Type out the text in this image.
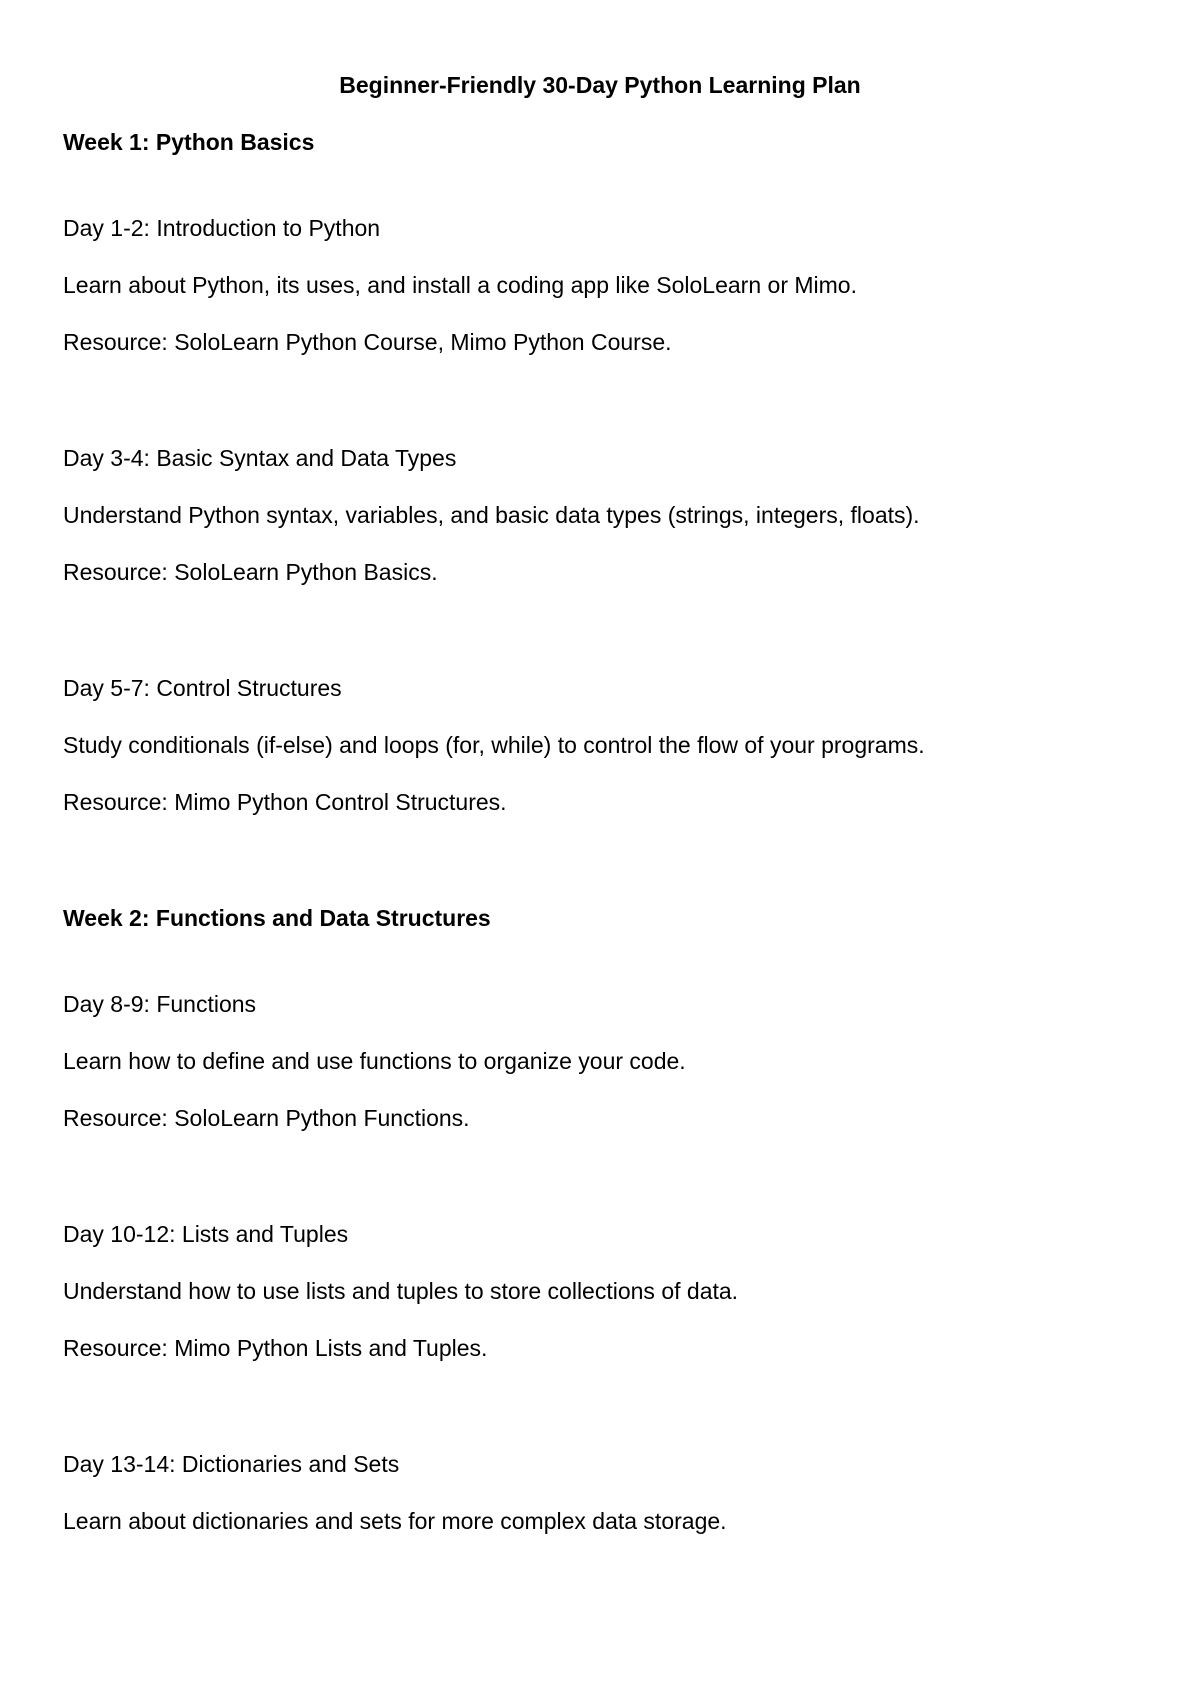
Beginner-Friendly 30-Day Python Learning Plan

Week 1: Python Basics

Day 1-2: Introduction to Python

Learn about Python, its uses, and install a coding app like SoloLearn or Mimo.

Resource: SoloLearn Python Course, Mimo Python Course.

Day 3-4: Basic Syntax and Data Types

Understand Python syntax, variables, and basic data types (strings, integers, floats).

Resource: SoloLearn Python Basics.

Day 5-7: Control Structures

Study conditionals (if-else) and loops (for, while) to control the flow of your programs.

Resource: Mimo Python Control Structures.

Week 2: Functions and Data Structures

Day 8-9: Functions

Learn how to define and use functions to organize your code.

Resource: SoloLearn Python Functions.

Day 10-12: Lists and Tuples

Understand how to use lists and tuples to store collections of data.

Resource: Mimo Python Lists and Tuples.

Day 13-14: Dictionaries and Sets

Learn about dictionaries and sets for more complex data storage.
